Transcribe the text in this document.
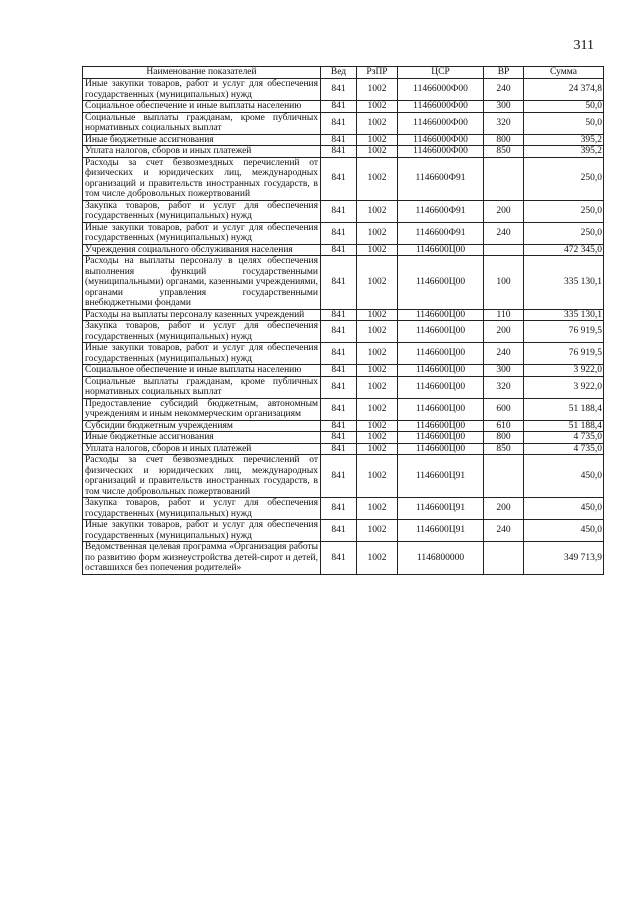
311
Наименование показателей	Вед	РзПР	ЦСР	ВР	Сумма
Иные закупки товаров, работ и услуг для обеспечения государственных (муниципальных) нужд	841	1002	11466000Ф00	240	24 374,8
Социальное обеспечение и иные выплаты населению	841	1002	11466000Ф00	300	50,0
Социальные выплаты гражданам, кроме публичных нормативных социальных выплат	841	1002	11466000Ф00	320	50,0
Иные бюджетные ассигнования	841	1002	11466000Ф00	800	395,2
Уплата налогов, сборов и иных платежей	841	1002	11466000Ф00	850	395,2
Расходы за счет безвозмездных перечислений от физических и юридических лиц, международных организаций и правительств иностранных государств, в том числе добровольных пожертвований	841	1002	1146600Ф91		250,0
Закупка товаров, работ и услуг для обеспечения государственных (муниципальных) нужд	841	1002	1146600Ф91	200	250,0
Иные закупки товаров, работ и услуг для обеспечения государственных (муниципальных) нужд	841	1002	1146600Ф91	240	250,0
Учреждения социального обслуживания населения	841	1002	1146600Ц00		472 345,0
Расходы на выплаты персоналу в целях обеспечения выполнения функций государственными (муниципальными) органами, казенными учреждениями, органами управления государственными внебюджетными фондами	841	1002	1146600Ц00	100	335 130,1
Расходы на выплаты персоналу казенных учреждений	841	1002	1146600Ц00	110	335 130,1
Закупка товаров, работ и услуг для обеспечения государственных (муниципальных) нужд	841	1002	1146600Ц00	200	76 919,5
Иные закупки товаров, работ и услуг для обеспечения государственных (муниципальных) нужд	841	1002	1146600Ц00	240	76 919,5
Социальное обеспечение и иные выплаты населению	841	1002	1146600Ц00	300	3 922,0
Социальные выплаты гражданам, кроме публичных нормативных социальных выплат	841	1002	1146600Ц00	320	3 922,0
Предоставление субсидий бюджетным, автономным учреждениям и иным некоммерческим организациям	841	1002	1146600Ц00	600	51 188,4
Субсидии бюджетным учреждениям	841	1002	1146600Ц00	610	51 188,4
Иные бюджетные ассигнования	841	1002	1146600Ц00	800	4 735,0
Уплата налогов, сборов и иных платежей	841	1002	1146600Ц00	850	4 735,0
Расходы за счет безвозмездных перечислений от физических и юридических лиц, международных организаций и правительств иностранных государств, в том числе добровольных пожертвований	841	1002	1146600Ц91		450,0
Закупка товаров, работ и услуг для обеспечения государственных (муниципальных) нужд	841	1002	1146600Ц91	200	450,0
Иные закупки товаров, работ и услуг для обеспечения государственных (муниципальных) нужд	841	1002	1146600Ц91	240	450,0
Ведомственная целевая программа «Организация работы по развитию форм жизнеустройства детей-сирот и детей, оставшихся без попечения родителей»	841	1002	1146800000		349 713,9
